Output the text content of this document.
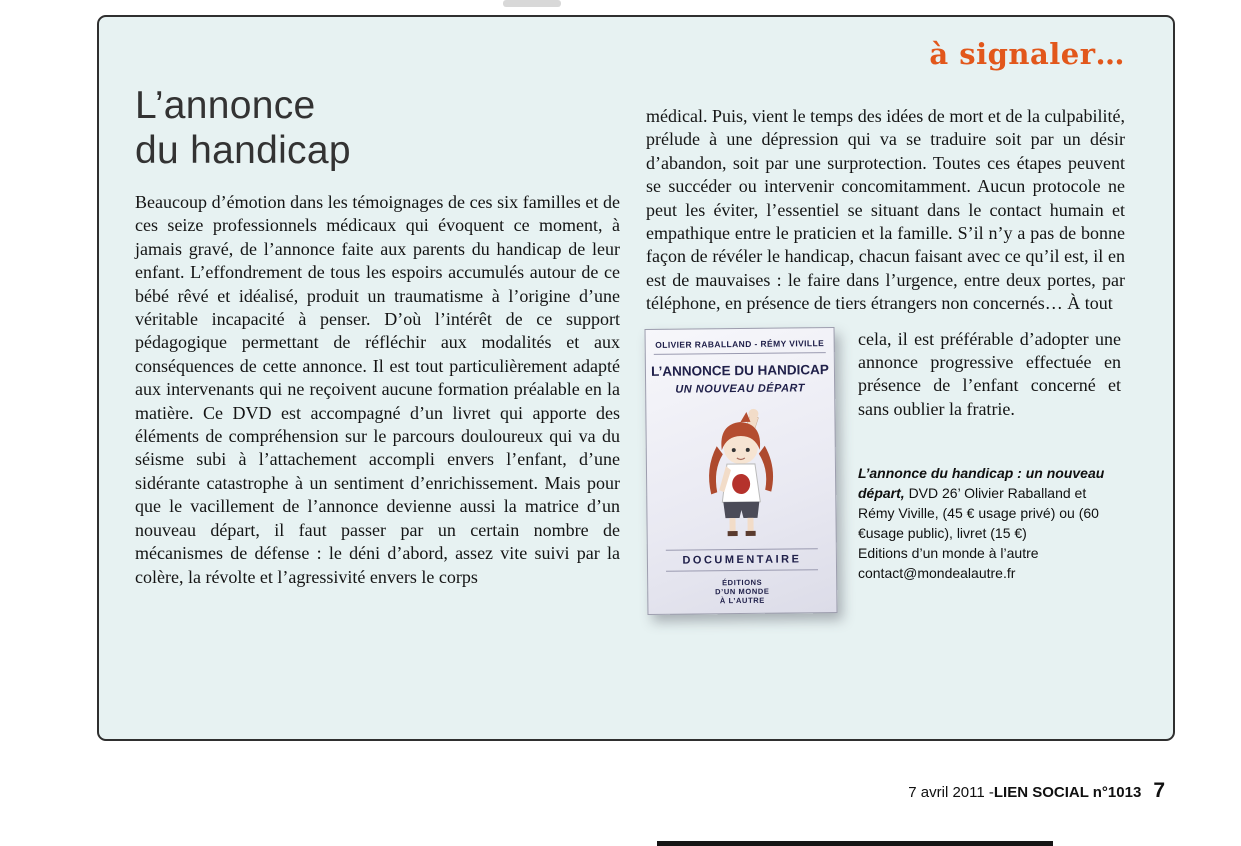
à signaler…
L’annonce
du handicap

Beaucoup d’émotion dans les témoignages de ces six familles et de ces seize professionnels médicaux qui évoquent ce moment, à jamais gravé, de l’annonce faite aux parents du handicap de leur enfant. L’effondrement de tous les espoirs accumulés autour de ce bébé rêvé et idéalisé, produit un traumatisme à l’origine d’une véritable incapacité à penser. D’où l’intérêt de ce support pédagogique permettant de réfléchir aux modalités et aux conséquences de cette annonce. Il est tout particulièrement adapté aux intervenants qui ne reçoivent aucune formation préalable en la matière. Ce DVD est accompagné d’un livret qui apporte des éléments de compréhension sur le parcours douloureux qui va du séisme subi à l’attachement accompli envers l’enfant, d’une sidérante catastrophe à un sentiment d’enrichissement. Mais pour que le vacillement de l’annonce devienne aussi la matrice d’un nouveau départ, il faut passer par un certain nombre de mécanismes de défense : le déni d’abord, assez vite suivi par la colère, la révolte et l’agressivité envers le corps

médical. Puis, vient le temps des idées de mort et de la culpabilité, prélude à une dépression qui va se traduire soit par un désir d’abandon, soit par une surprotection. Toutes ces étapes peuvent se succéder ou intervenir concomitamment. Aucun protocole ne peut les éviter, l’essentiel se situant dans le contact humain et empathique entre le praticien et la famille. S’il n’y a pas de bonne façon de révéler le handicap, chacun faisant avec ce qu’il est, il en est de mauvaises : le faire dans l’urgence, entre deux portes, par téléphone, en présence de tiers étrangers non concernés… À tout

OLIVIER RABALLAND - RÉMY VIVILLE
L’ANNONCE DU HANDICAP
UN NOUVEAU DÉPART
DOCUMENTAIRE
ÉDITIONS
D’UN MONDE
À L’AUTRE

cela, il est préférable d’adopter une annonce progressive effectuée en présence de l’enfant concerné et sans oublier la fratrie.

L’annonce du handicap : un nouveau départ, DVD 26’ Olivier Raballand et Rémy Viville, (45 € usage privé) ou (60 €usage public), livret (15 €)

Editions d’un monde à l’autre

contact@mondealautre.fr

7 avril 2011 - LIEN SOCIAL n°1013 7
